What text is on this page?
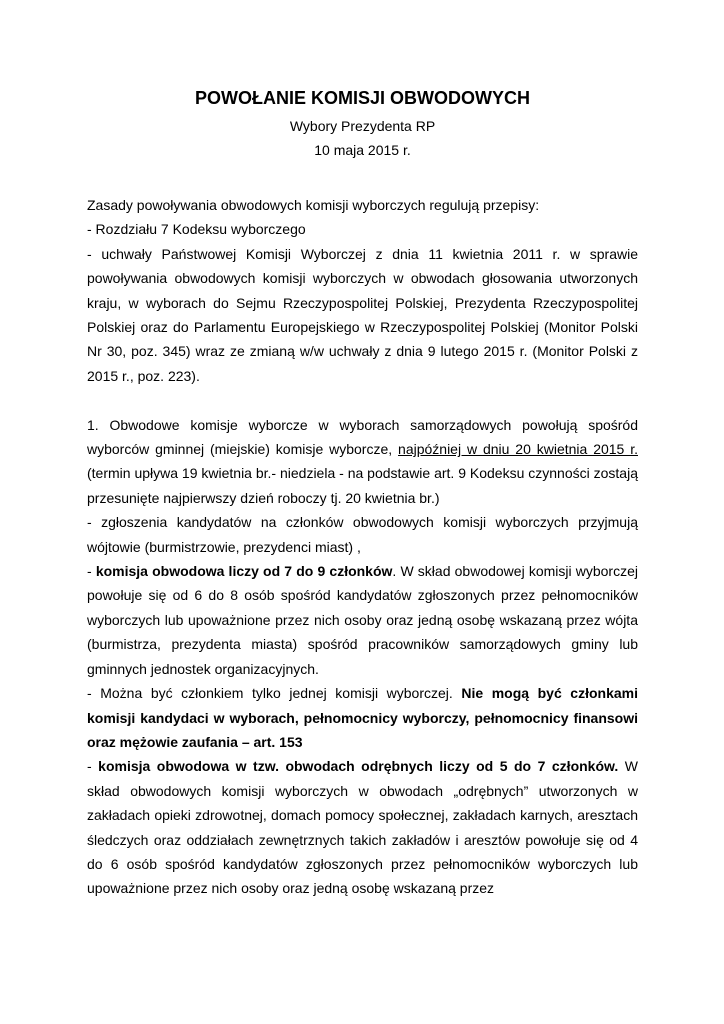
POWOŁANIE KOMISJI OBWODOWYCH

Wybory Prezydenta RP

10 maja 2015 r.

Zasady powoływania obwodowych komisji wyborczych regulują przepisy:

- Rozdziału 7 Kodeksu wyborczego

- uchwały Państwowej Komisji Wyborczej z dnia 11 kwietnia 2011 r. w sprawie powoływania obwodowych komisji wyborczych w obwodach głosowania utworzonych kraju, w wyborach do Sejmu Rzeczypospolitej Polskiej, Prezydenta Rzeczypospolitej Polskiej oraz do Parlamentu Europejskiego w Rzeczypospolitej Polskiej (Monitor Polski Nr 30, poz. 345) wraz ze zmianą w/w uchwały z dnia 9 lutego 2015 r. (Monitor Polski z 2015 r., poz. 223).

1. Obwodowe komisje wyborcze w wyborach samorządowych powołują spośród wyborców gminnej (miejskie) komisje wyborcze, najpóźniej w dniu 20 kwietnia 2015 r. (termin upływa 19 kwietnia br.- niedziela - na podstawie art. 9 Kodeksu czynności zostają przesunięte najpierwszy dzień roboczy tj. 20 kwietnia br.)

- zgłoszenia kandydatów na członków obwodowych komisji wyborczych przyjmują wójtowie (burmistrzowie, prezydenci miast) ,

- komisja obwodowa liczy od 7 do 9 członków. W skład obwodowej komisji wyborczej powołuje się od 6 do 8 osób spośród kandydatów zgłoszonych przez pełnomocników wyborczych lub upoważnione przez nich osoby oraz jedną osobę wskazaną przez wójta (burmistrza, prezydenta miasta) spośród pracowników samorządowych gminy lub gminnych jednostek organizacyjnych.

- Można być członkiem tylko jednej komisji wyborczej. Nie mogą być członkami komisji kandydaci w wyborach, pełnomocnicy wyborczy, pełnomocnicy finansowi oraz mężowie zaufania – art. 153

- komisja obwodowa w tzw. obwodach odrębnych liczy od 5 do 7 członków. W skład obwodowych komisji wyborczych w obwodach „odrębnych” utworzonych w zakładach opieki zdrowotnej, domach pomocy społecznej, zakładach karnych, aresztach śledczych oraz oddziałach zewnętrznych takich zakładów i aresztów powołuje się od 4 do 6 osób spośród kandydatów zgłoszonych przez pełnomocników wyborczych lub upoważnione przez nich osoby oraz jedną osobę wskazaną przez
